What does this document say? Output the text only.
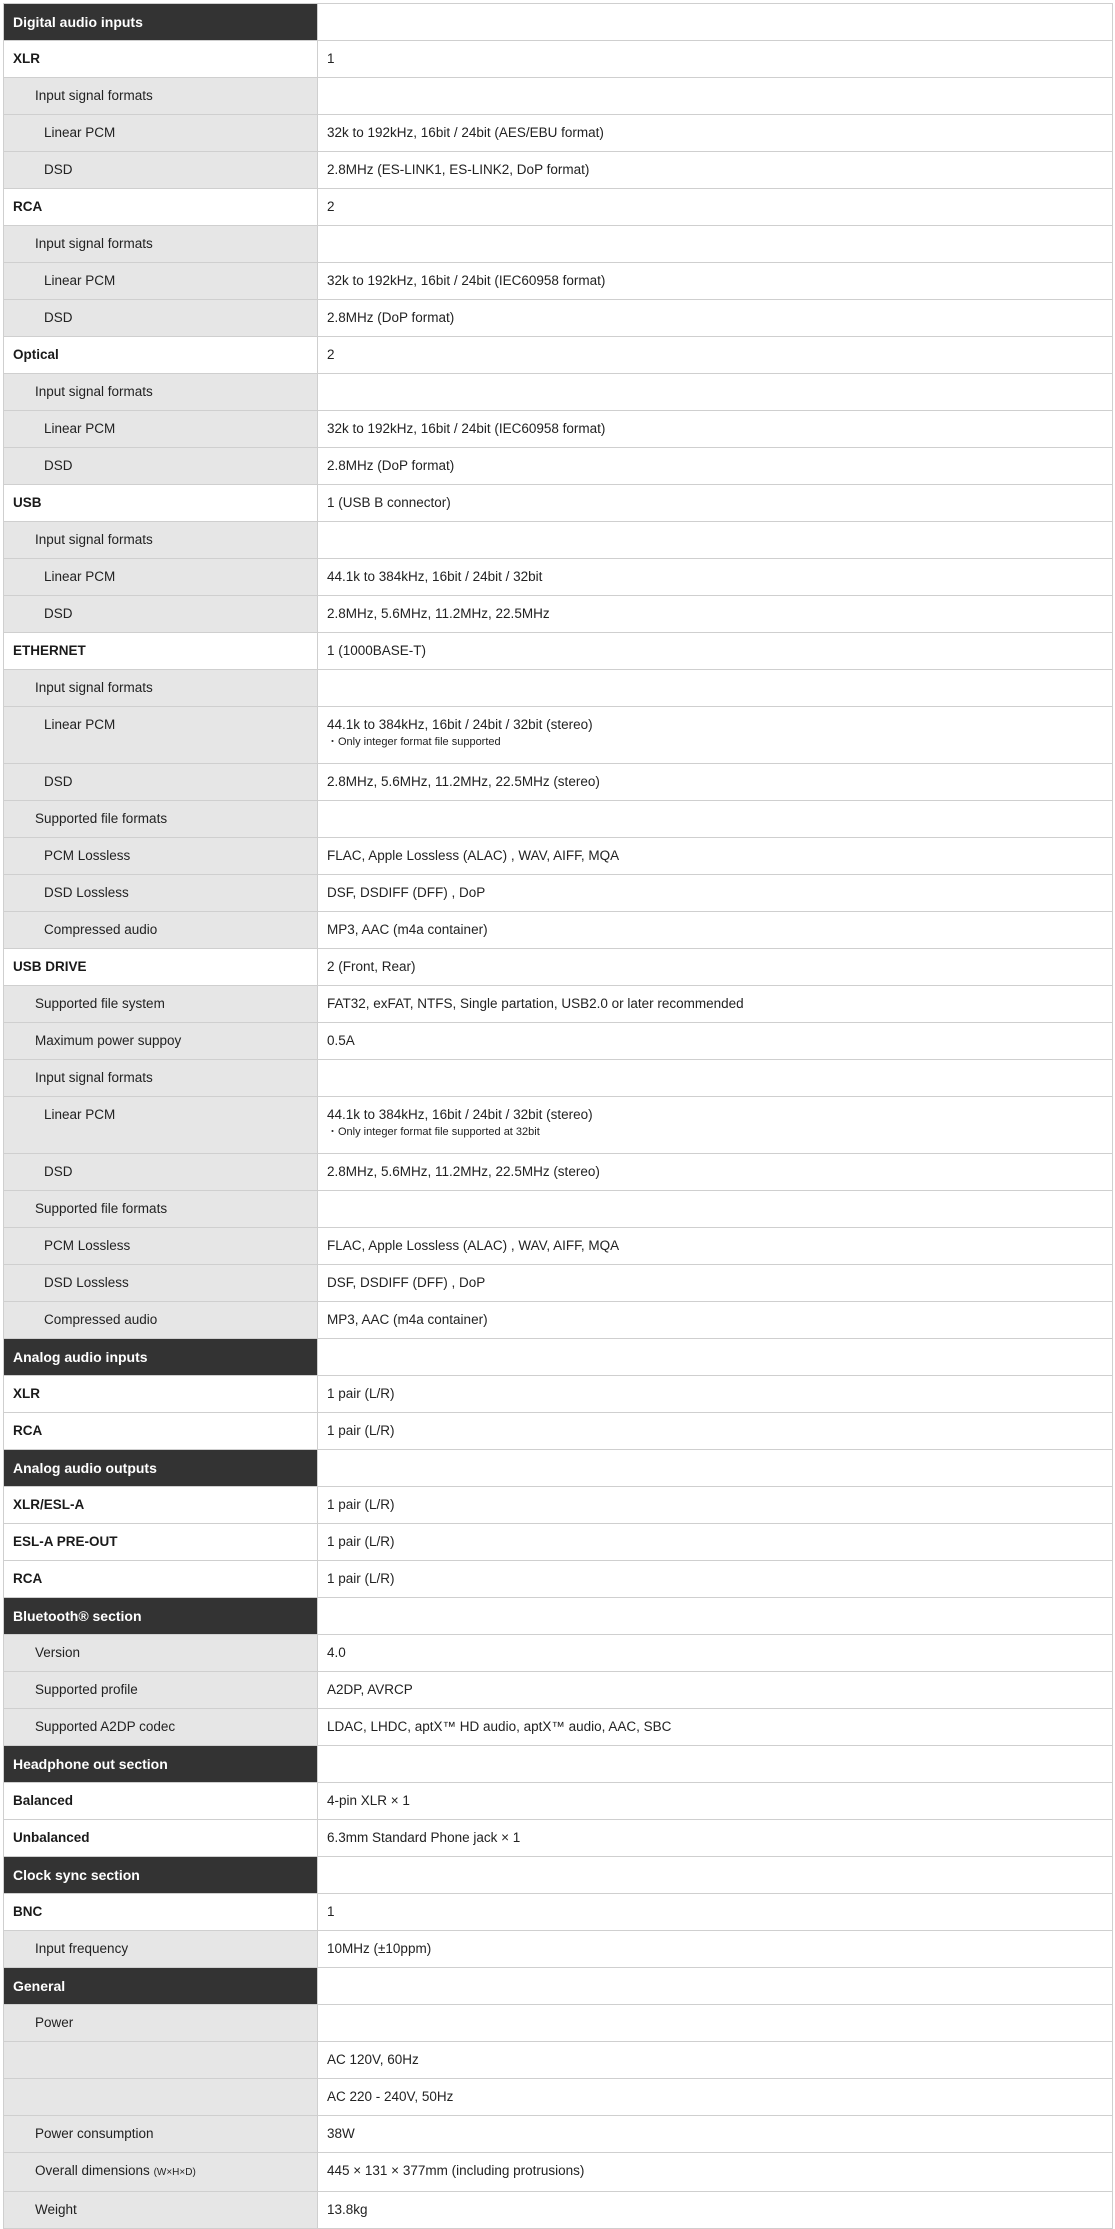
Digital audio inputs	
XLR	1
Input signal formats	
Linear PCM	32k to 192kHz, 16bit / 24bit (AES/EBU format)
DSD	2.8MHz (ES-LINK1, ES-LINK2, DoP format)
RCA	2
Input signal formats	
Linear PCM	32k to 192kHz, 16bit / 24bit (IEC60958 format)
DSD	2.8MHz (DoP format)
Optical	2
Input signal formats	
Linear PCM	32k to 192kHz, 16bit / 24bit (IEC60958 format)
DSD	2.8MHz (DoP format)
USB	1 (USB B connector)
Input signal formats	
Linear PCM	44.1k to 384kHz, 16bit / 24bit / 32bit
DSD	2.8MHz, 5.6MHz, 11.2MHz, 22.5MHz
ETHERNET	1 (1000BASE-T)
Input signal formats	
Linear PCM	44.1k to 384kHz, 16bit / 24bit / 32bit (stereo)
・Only integer format file supported

DSD	2.8MHz, 5.6MHz, 11.2MHz, 22.5MHz (stereo)
Supported file formats	
PCM Lossless	FLAC, Apple Lossless (ALAC) , WAV, AIFF, MQA
DSD Lossless	DSF, DSDIFF (DFF) , DoP
Compressed audio	MP3, AAC (m4a container)
USB DRIVE	2 (Front, Rear)
Supported file system	FAT32, exFAT, NTFS, Single partation, USB2.0 or later recommended
Maximum power suppoy	0.5A
Input signal formats	
Linear PCM	44.1k to 384kHz, 16bit / 24bit / 32bit (stereo)
・Only integer format file supported at 32bit

DSD	2.8MHz, 5.6MHz, 11.2MHz, 22.5MHz (stereo)
Supported file formats	
PCM Lossless	FLAC, Apple Lossless (ALAC) , WAV, AIFF, MQA
DSD Lossless	DSF, DSDIFF (DFF) , DoP
Compressed audio	MP3, AAC (m4a container)
Analog audio inputs	
XLR	1 pair (L/R)
RCA	1 pair (L/R)
Analog audio outputs	
XLR/ESL-A	1 pair (L/R)
ESL-A PRE-OUT	1 pair (L/R)
RCA	1 pair (L/R)
Bluetooth® section	
Version	4.0
Supported profile	A2DP, AVRCP
Supported A2DP codec	LDAC, LHDC, aptX™ HD audio, aptX™ audio, AAC, SBC
Headphone out section	
Balanced	4-pin XLR × 1
Unbalanced	6.3mm Standard Phone jack × 1
Clock sync section	
BNC	1
Input frequency	10MHz (±10ppm)
General	
Power	
	AC 120V, 60Hz
	AC 220 - 240V, 50Hz
Power consumption	38W
Overall dimensions (W×H×D)	445 × 131 × 377mm (including protrusions)
Weight	13.8kg
